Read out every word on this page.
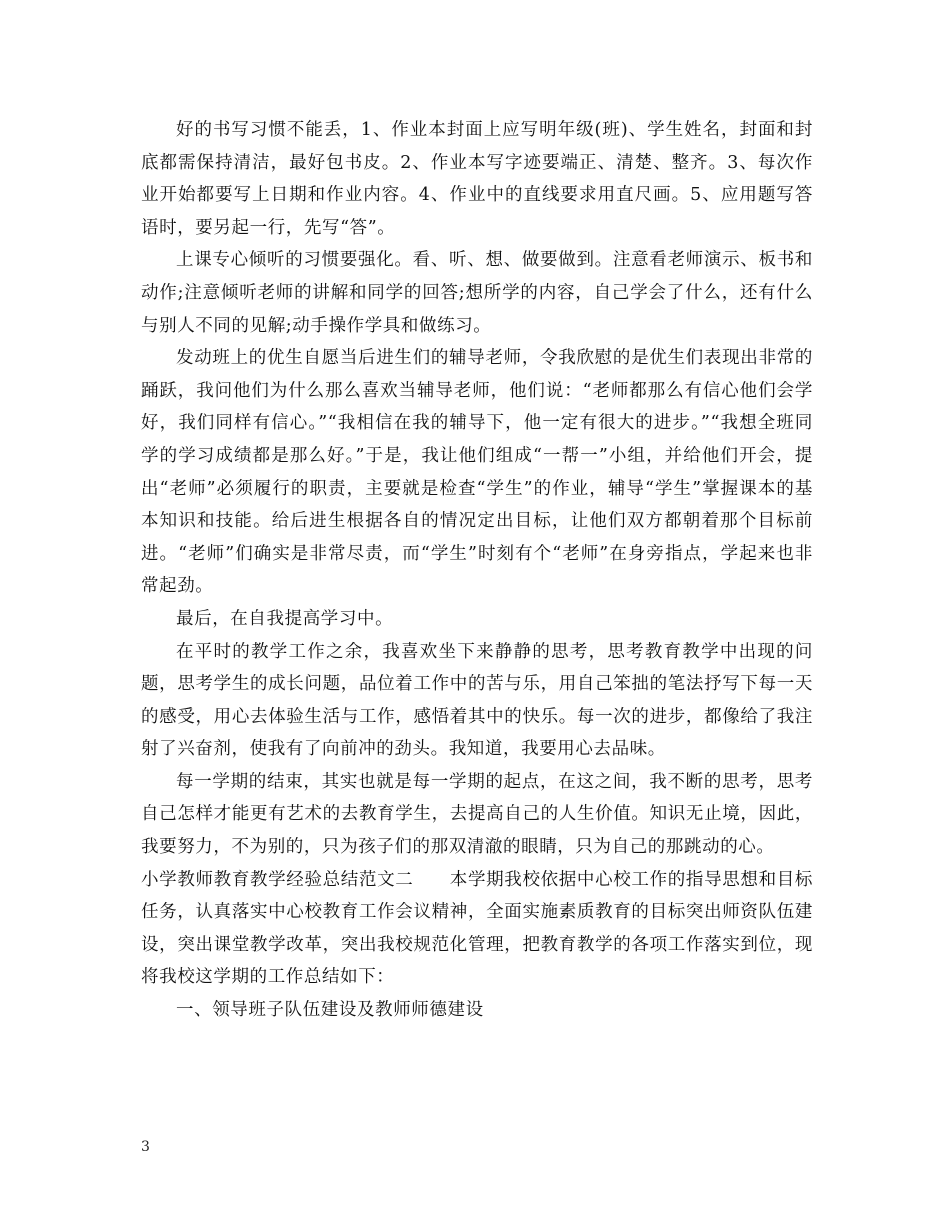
好的书写习惯不能丢，1、作业本封面上应写明年级(班)、学生姓名，封面和封底都需保持清洁，最好包书皮。2、作业本写字迹要端正、清楚、整齐。3、每次作业开始都要写上日期和作业内容。4、作业中的直线要求用直尺画。5、应用题写答语时，要另起一行，先写“答”。

上课专心倾听的习惯要强化。看、听、想、做要做到。注意看老师演示、板书和动作;注意倾听老师的讲解和同学的回答;想所学的内容，自己学会了什么，还有什么与别人不同的见解;动手操作学具和做练习。

发动班上的优生自愿当后进生们的辅导老师，令我欣慰的是优生们表现出非常的踊跃，我问他们为什么那么喜欢当辅导老师，他们说：“老师都那么有信心他们会学好，我们同样有信心。”“我相信在我的辅导下，他一定有很大的进步。”“我想全班同学的学习成绩都是那么好。”于是，我让他们组成“一帮一”小组，并给他们开会，提出“老师”必须履行的职责，主要就是检查“学生”的作业，辅导“学生”掌握课本的基本知识和技能。给后进生根据各自的情况定出目标，让他们双方都朝着那个目标前进。“老师”们确实是非常尽责，而“学生”时刻有个“老师”在身旁指点，学起来也非常起劲。

最后，在自我提高学习中。

在平时的教学工作之余，我喜欢坐下来静静的思考，思考教育教学中出现的问题，思考学生的成长问题，品位着工作中的苦与乐，用自己笨拙的笔法抒写下每一天的感受，用心去体验生活与工作，感悟着其中的快乐。每一次的进步，都像给了我注射了兴奋剂，使我有了向前冲的劲头。我知道，我要用心去品味。

每一学期的结束，其实也就是每一学期的起点，在这之间，我不断的思考，思考自己怎样才能更有艺术的去教育学生，去提高自己的人生价值。知识无止境，因此，我要努力，不为别的，只为孩子们的那双清澈的眼睛，只为自己的那跳动的心。

小学教师教育教学经验总结范文二　　本学期我校依据中心校工作的指导思想和目标任务，认真落实中心校教育工作会议精神，全面实施素质教育的目标突出师资队伍建设，突出课堂教学改革，突出我校规范化管理，把教育教学的各项工作落实到位，现将我校这学期的工作总结如下：

一、领导班子队伍建设及教师师德建设

3
